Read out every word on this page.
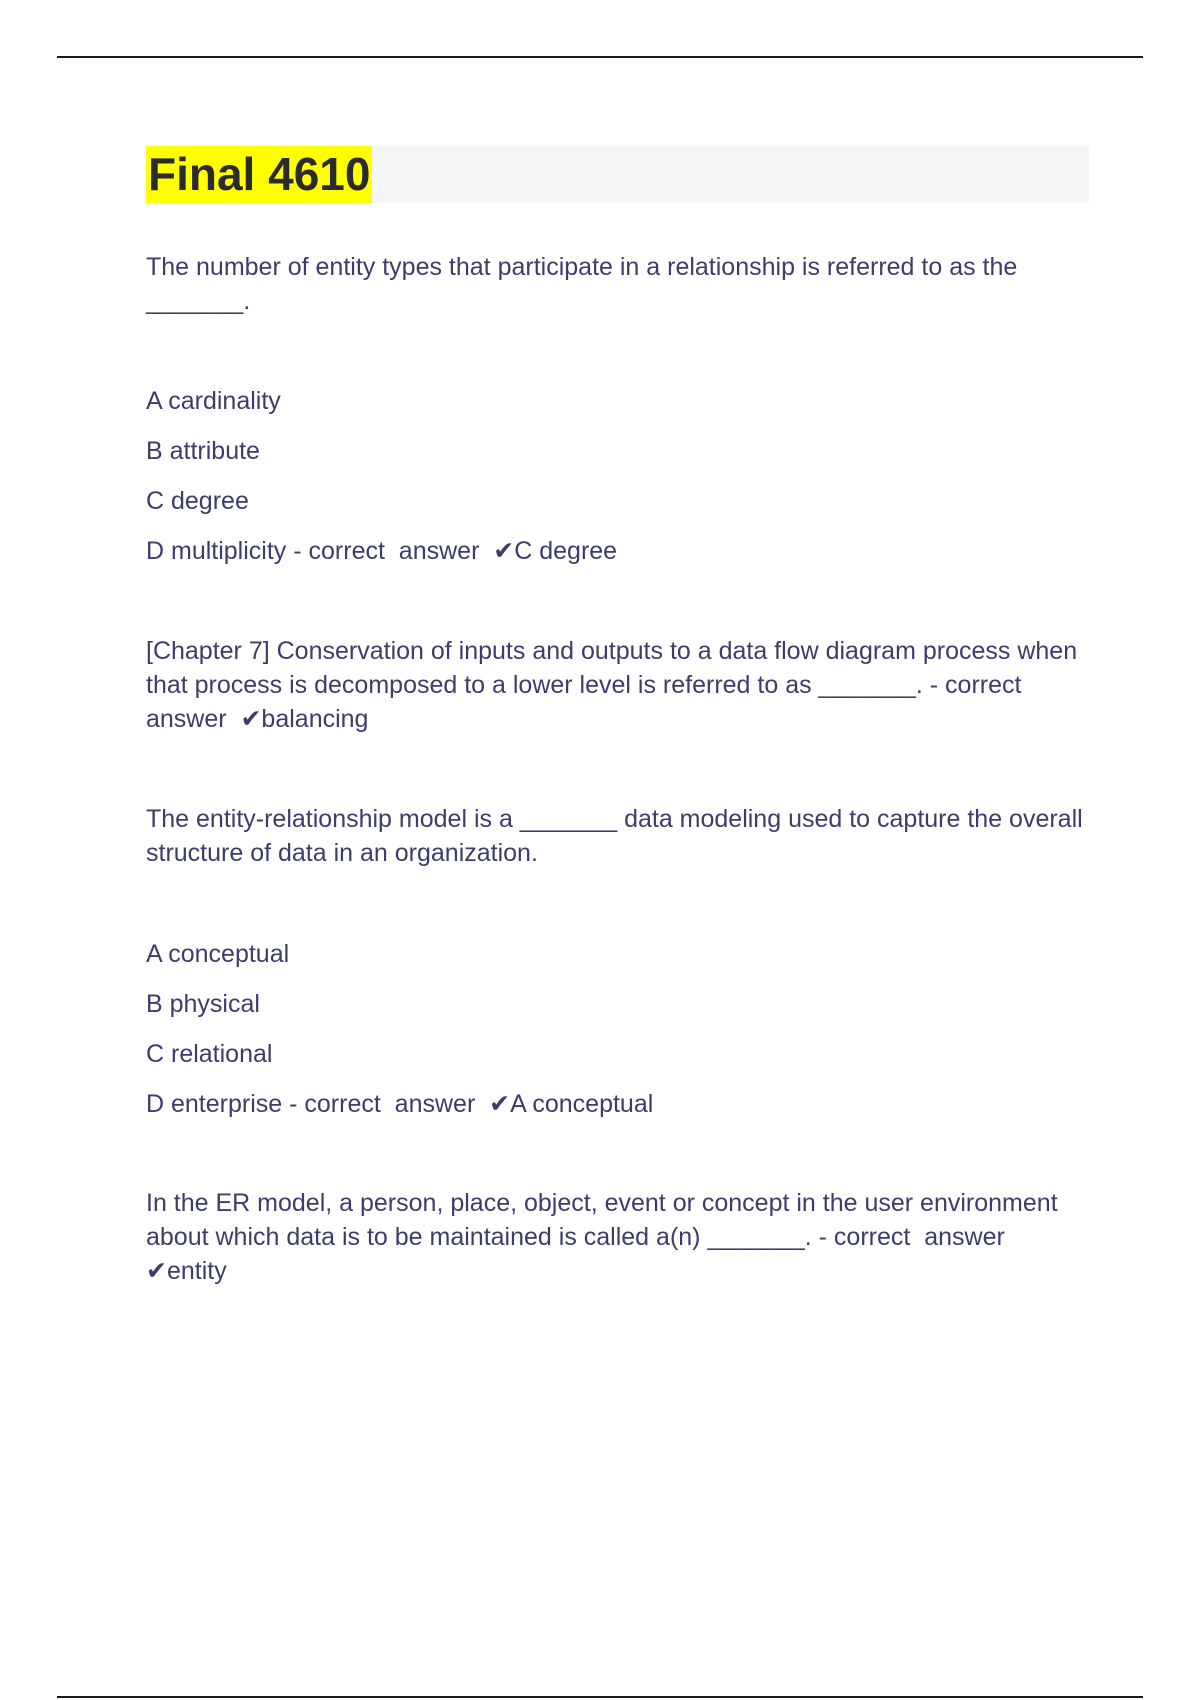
Final 4610

The number of entity types that participate in a relationship is referred to as the _______.

A cardinality
B attribute
C degree
D multiplicity - correct  answer  ✔C degree

[Chapter 7] Conservation of inputs and outputs to a data flow diagram process when that process is decomposed to a lower level is referred to as _______. - correct  answer  ✔balancing

The entity-relationship model is a _______ data modeling used to capture the overall structure of data in an organization.

A conceptual
B physical
C relational
D enterprise - correct  answer  ✔A conceptual

In the ER model, a person, place, object, event or concept in the user environment about which data is to be maintained is called a(n) _______. - correct  answer  ✔entity
